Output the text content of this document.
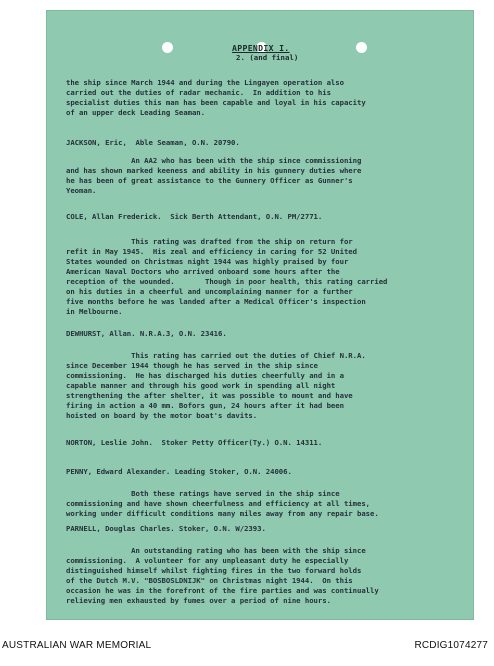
APPENDIX I.
2. (and final)
the ship since March 1944 and during the Lingayen operation also
carried out the duties of radar mechanic.  In addition to his
specialist duties this man has been capable and loyal in his capacity
of an upper deck Leading Seaman.
JACKSON, Eric,  Able Seaman, O.N. 20790.
An AA2 who has been with the ship since commissioning
and has shown marked keeness and ability in his gunnery duties where
he has been of great assistance to the Gunnery Officer as Gunner's
Yeoman.
COLE, Allan Frederick.  Sick Berth Attendant, O.N. PM/2771.
This rating was drafted from the ship on return for
refit in May 1945.  His zeal and efficiency in caring for 52 United
States wounded on Christmas night 1944 was highly praised by four
American Naval Doctors who arrived onboard some hours after the
reception of the wounded.       Though in poor health, this rating carried
on his duties in a cheerful and uncomplaining manner for a further
five months before he was landed after a Medical Officer's inspection
in Melbourne.
DEWHURST, Allan. N.R.A.3, O.N. 23416.
This rating has carried out the duties of Chief N.R.A.
since December 1944 though he has served in the ship since
commissioning.  He has discharged his duties cheerfully and in a
capable manner and through his good work in spending all night
strengthening the after shelter, it was possible to mount and have
firing in action a 40 mm. Bofors gun, 24 hours after it had been
hoisted on board by the motor boat's davits.
NORTON, Leslie John.  Stoker Petty Officer(Ty.) O.N. 14311.
PENNY, Edward Alexander. Leading Stoker, O.N. 24006.
Both these ratings have served in the ship since
commissioning and have shown cheerfulness and efficiency at all times,
working under difficult conditions many miles away from any repair base.
PARNELL, Douglas Charles. Stoker, O.N. W/2393.
An outstanding rating who has been with the ship since
commissioning.  A volunteer for any unpleasant duty he especially
distinguished himself whilst fighting fires in the two forward holds
of the Dutch M.V. "BOSBOSLDNIJK" on Christmas night 1944.  On this
occasion he was in the forefront of the fire parties and was continually
relieving men exhausted by fumes over a period of nine hours.
AUSTRALIAN WAR MEMORIAL	RCDIG1074277
